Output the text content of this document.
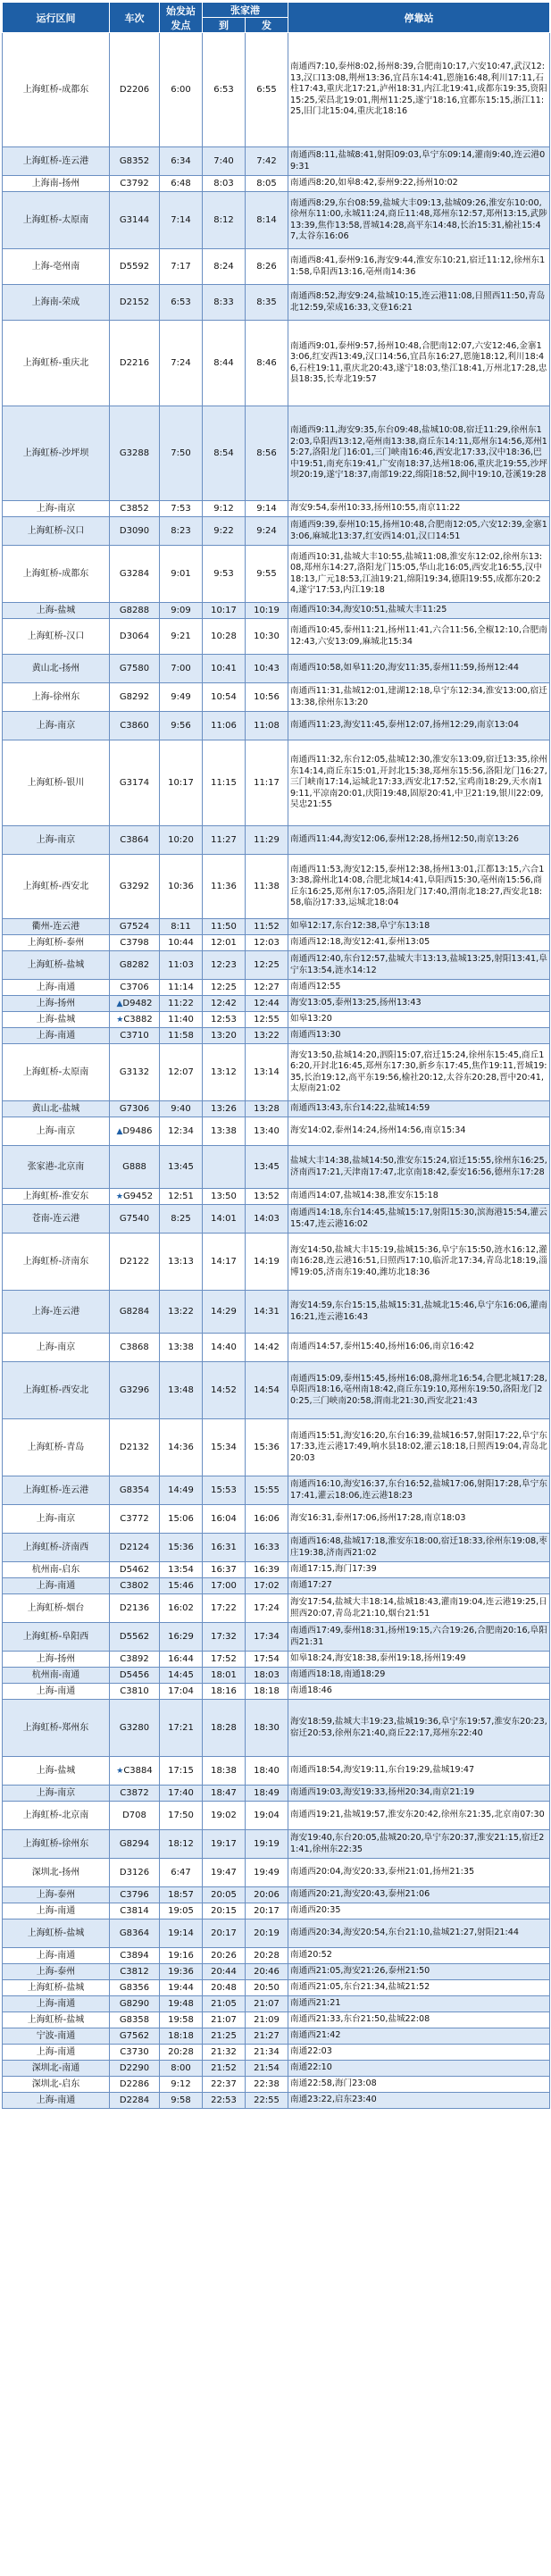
运行区间	车次	始发站
发点	张家港		停靠站
			到	发	
上海虹桥-成都东	D2206	6:00	6:53	6:55	南通西7:10,泰州8:02,扬州8:39,合肥南10:17,六安10:47,武汉12:13,汉口13:08,荆州13:36,宜昌东14:41,恩施16:48,利川17:11,石柱17:43,重庆北17:21,泸州18:31,内江北19:41,成都东19:35,资阳15:25,荣昌北19:01,荆州11:25,遂宁18:16,宜都东15:15,浙江11:25,旧门北15:04,重庆北18:16
上海虹桥-连云港	G8352	6:34	7:40	7:42	南通西8:11,盐城8:41,射阳09:03,阜宁东09:14,灌南9:40,连云港09:31
上海南-扬州	C3792	6:48	8:03	8:05	南通西8:20,如皋8:42,泰州9:22,扬州10:02
上海虹桥-太原南	G3144	7:14	8:12	8:14	南通西8:29,东台08:59,盐城大丰09:13,盐城09:26,淮安东10:00,徐州东11:00,永城11:24,商丘11:48,郑州东12:57,郑州13:15,武陟13:39,焦作13:58,晋城14:28,高平东14:48,长治15:31,榆社15:47,太谷东16:06
上海-亳州南	D5592	7:17	8:24	8:26	南通西8:41,泰州9:16,海安9:44,淮安东10:21,宿迁11:12,徐州东11:58,阜阳西13:16,亳州南14:36
上海南-荣成	D2152	6:53	8:33	8:35	南通西8:52,海安9:24,盐城10:15,连云港11:08,日照西11:50,青岛北12:59,荣成16:33,文登16:21
上海虹桥-重庆北	D2216	7:24	8:44	8:46	南通西9:01,泰州9:57,扬州10:48,合肥南12:07,六安12:46,金寨13:06,红安西13:49,汉口14:56,宜昌东16:27,恩施18:12,利川18:46,石柱19:11,重庆北20:43,遂宁18:03,垫江18:41,万州北17:28,忠县18:35,长寿北19:57
上海虹桥-沙坪坝	G3288	7:50	8:54	8:56	南通西9:11,海安9:35,东台09:48,盐城10:08,宿迁11:29,徐州东12:03,阜阳西13:12,亳州南13:38,商丘东14:11,郑州东14:56,郑州15:27,洛阳龙门16:01,三门峡南16:46,西安北17:33,汉中18:36,巴中19:51,南充东19:41,广安南18:37,达州18:06,重庆北19:55,沙坪坝20:19,遂宁18:37,南部19:22,绵阳18:52,阆中19:10,苍溪19:28
上海-南京	C3852	7:53	9:12	9:14	海安9:54,泰州10:33,扬州10:55,南京11:22
上海虹桥-汉口	D3090	8:23	9:22	9:24	南通西9:39,泰州10:15,扬州10:48,合肥南12:05,六安12:39,金寨13:06,麻城北13:37,红安西14:01,汉口14:51
上海虹桥-成都东	G3284	9:01	9:53	9:55	南通西10:31,盐城大丰10:55,盐城11:08,淮安东12:02,徐州东13:08,郑州东14:27,洛阳龙门15:05,华山北16:05,西安北16:55,汉中18:13,广元18:53,江油19:21,绵阳19:34,德阳19:55,成都东20:24,遂宁17:53,内江19:18
上海-盐城	G8288	9:09	10:17	10:19	南通西10:34,海安10:51,盐城大丰11:25
上海虹桥-汉口	D3064	9:21	10:28	10:30	南通西10:45,泰州11:21,扬州11:41,六合11:56,全椒12:10,合肥南12:43,六安13:09,麻城北15:34
黄山北-扬州	G7580	7:00	10:41	10:43	南通西10:58,如皋11:20,海安11:35,泰州11:59,扬州12:44
上海-徐州东	G8292	9:49	10:54	10:56	南通西11:31,盐城12:01,建湖12:18,阜宁东12:34,淮安13:00,宿迁13:38,徐州东13:20
上海-南京	C3860	9:56	11:06	11:08	南通西11:23,海安11:45,泰州12:07,扬州12:29,南京13:04
上海虹桥-银川	G3174	10:17	11:15	11:17	南通西11:32,东台12:05,盐城12:30,淮安东13:09,宿迁13:35,徐州东14:14,商丘东15:01,开封北15:38,郑州东15:56,洛阳龙门16:27,三门峡南17:14,运城北17:33,西安北17:52,宝鸡南18:29,天水南19:11,平凉南20:01,庆阳19:48,固原20:41,中卫21:19,银川22:09,吴忠21:55
上海-南京	C3864	10:20	11:27	11:29	南通西11:44,海安12:06,泰州12:28,扬州12:50,南京13:26
上海虹桥-西安北	G3292	10:36	11:36	11:38	南通西11:53,海安12:15,泰州12:38,扬州13:01,江都13:15,六合13:38,滁州北14:08,合肥北城14:41,阜阳西15:30,亳州南15:56,商丘东16:25,郑州东17:05,洛阳龙门17:40,渭南北18:27,西安北18:58,临汾17:33,运城北18:04
衢州-连云港	G7524	8:11	11:50	11:52	如皋12:17,东台12:38,阜宁东13:18
上海虹桥-泰州	C3798	10:44	12:01	12:03	南通西12:18,海安12:41,泰州13:05
上海虹桥-盐城	G8282	11:03	12:23	12:25	南通西12:40,东台12:57,盐城大丰13:13,盐城13:25,射阳13:41,阜宁东13:54,涟水14:12
上海-南通	C3706	11:14	12:25	12:27	南通西12:55
上海-扬州	▲D9482	11:22	12:42	12:44	海安13:05,泰州13:25,扬州13:43
上海-盐城	★C3882	11:40	12:53	12:55	如皋13:20
上海-南通	C3710	11:58	13:20	13:22	南通西13:30
上海虹桥-太原南	G3132	12:07	13:12	13:14	海安13:50,盐城14:20,泗阳15:07,宿迁15:24,徐州东15:45,商丘16:20,开封北16:45,郑州东17:30,新乡东17:45,焦作19:11,晋城19:35,长治19:12,高平东19:56,榆社20:12,太谷东20:28,晋中20:41,太原南21:02
黄山北-盐城	G7306	9:40	13:26	13:28	南通西13:43,东台14:22,盐城14:59
上海-南京	▲D9486	12:34	13:38	13:40	海安14:02,泰州14:24,扬州14:56,南京15:34
张家港-北京南	G888	13:45		13:45	盐城大丰14:38,盐城14:50,淮安东15:24,宿迁15:55,徐州东16:25,济南西17:21,天津南17:47,北京南18:42,泰安16:56,德州东17:28
上海虹桥-淮安东	★G9452	12:51	13:50	13:52	南通西14:07,盐城14:38,淮安东15:18
苍南-连云港	G7540	8:25	14:01	14:03	南通西14:18,东台14:45,盐城15:17,射阳15:30,滨海港15:54,灌云15:47,连云港16:02
上海虹桥-济南东	D2122	13:13	14:17	14:19	海安14:50,盐城大丰15:19,盐城15:36,阜宁东15:50,涟水16:12,灌南16:28,连云港16:51,日照西17:10,临沂北17:34,青岛北18:19,淄博19:05,济南东19:40,潍坊北18:36
上海-连云港	G8284	13:22	14:29	14:31	海安14:59,东台15:15,盐城15:31,盐城北15:46,阜宁东16:06,灌南16:21,连云港16:43
上海-南京	C3868	13:38	14:40	14:42	南通西14:57,泰州15:40,扬州16:06,南京16:42
上海虹桥-西安北	G3296	13:48	14:52	14:54	南通西15:09,泰州15:45,扬州16:08,滁州北16:54,合肥北城17:28,阜阳西18:16,亳州南18:42,商丘东19:10,郑州东19:50,洛阳龙门20:25,三门峡南20:58,渭南北21:30,西安北21:43
上海虹桥-青岛	D2132	14:36	15:34	15:36	南通西15:51,海安16:20,东台16:39,盐城16:57,射阳17:22,阜宁东17:33,连云港17:49,响水县18:02,灌云18:18,日照西19:04,青岛北20:03
上海虹桥-连云港	G8354	14:49	15:53	15:55	南通西16:10,海安16:37,东台16:52,盐城17:06,射阳17:28,阜宁东17:41,灌云18:06,连云港18:23
上海-南京	C3772	15:06	16:04	16:06	海安16:31,泰州17:06,扬州17:28,南京18:03
上海虹桥-济南西	D2124	15:36	16:31	16:33	南通西16:48,盐城17:18,淮安东18:00,宿迁18:33,徐州东19:08,枣庄19:38,济南西21:02
杭州南-启东	D5462	13:54	16:37	16:39	南通17:15,海门17:39
上海-南通	C3802	15:46	17:00	17:02	南通17:27
上海虹桥-烟台	D2136	16:02	17:22	17:24	海安17:54,盐城大丰18:14,盐城18:43,灌南19:04,连云港19:25,日照西20:07,青岛北21:10,烟台21:51
上海虹桥-阜阳西	D5562	16:29	17:32	17:34	南通西17:49,泰州18:31,扬州19:15,六合19:26,合肥南20:16,阜阳西21:31
上海-扬州	C3892	16:44	17:52	17:54	如皋18:24,海安18:38,泰州19:18,扬州19:49
杭州南-南通	D5456	14:45	18:01	18:03	南通西18:18,南通18:29
上海-南通	C3810	17:04	18:16	18:18	南通18:46
上海虹桥-郑州东	G3280	17:21	18:28	18:30	海安18:59,盐城大丰19:23,盐城19:36,阜宁东19:57,淮安东20:23,宿迁20:53,徐州东21:40,商丘22:17,郑州东22:40
上海-盐城	★C3884	17:15	18:38	18:40	南通西18:54,海安19:11,东台19:29,盐城19:47
上海-南京	C3872	17:40	18:47	18:49	南通西19:03,海安19:33,扬州20:34,南京21:19
上海虹桥-北京南	D708	17:50	19:02	19:04	南通西19:21,盐城19:57,淮安东20:42,徐州东21:35,北京南07:30
上海虹桥-徐州东	G8294	18:12	19:17	19:19	海安19:40,东台20:05,盐城20:20,阜宁东20:37,淮安21:15,宿迁21:41,徐州东22:35
深圳北-扬州	D3126	6:47	19:47	19:49	南通西20:04,海安20:33,泰州21:01,扬州21:35
上海-泰州	C3796	18:57	20:05	20:06	南通西20:21,海安20:43,泰州21:06
上海-南通	C3814	19:05	20:15	20:17	南通西20:35
上海虹桥-盐城	G8364	19:14	20:17	20:19	南通西20:34,海安20:54,东台21:10,盐城21:27,射阳21:44
上海-南通	C3894	19:16	20:26	20:28	南通20:52
上海-泰州	C3812	19:36	20:44	20:46	南通西21:05,海安21:26,泰州21:50
上海虹桥-盐城	G8356	19:44	20:48	20:50	南通西21:05,东台21:34,盐城21:52
上海-南通	G8290	19:48	21:05	21:07	南通西21:21
上海虹桥-盐城	G8358	19:58	21:07	21:09	南通西21:33,东台21:50,盐城22:08
宁波-南通	G7562	18:18	21:25	21:27	南通西21:42
上海-南通	C3730	20:28	21:32	21:34	南通22:03
深圳北-南通	D2290	8:00	21:52	21:54	南通22:10
深圳北-启东	D2286	9:12	22:37	22:38	南通22:58,海门23:08
上海-南通	D2284	9:58	22:53	22:55	南通23:22,启东23:40
